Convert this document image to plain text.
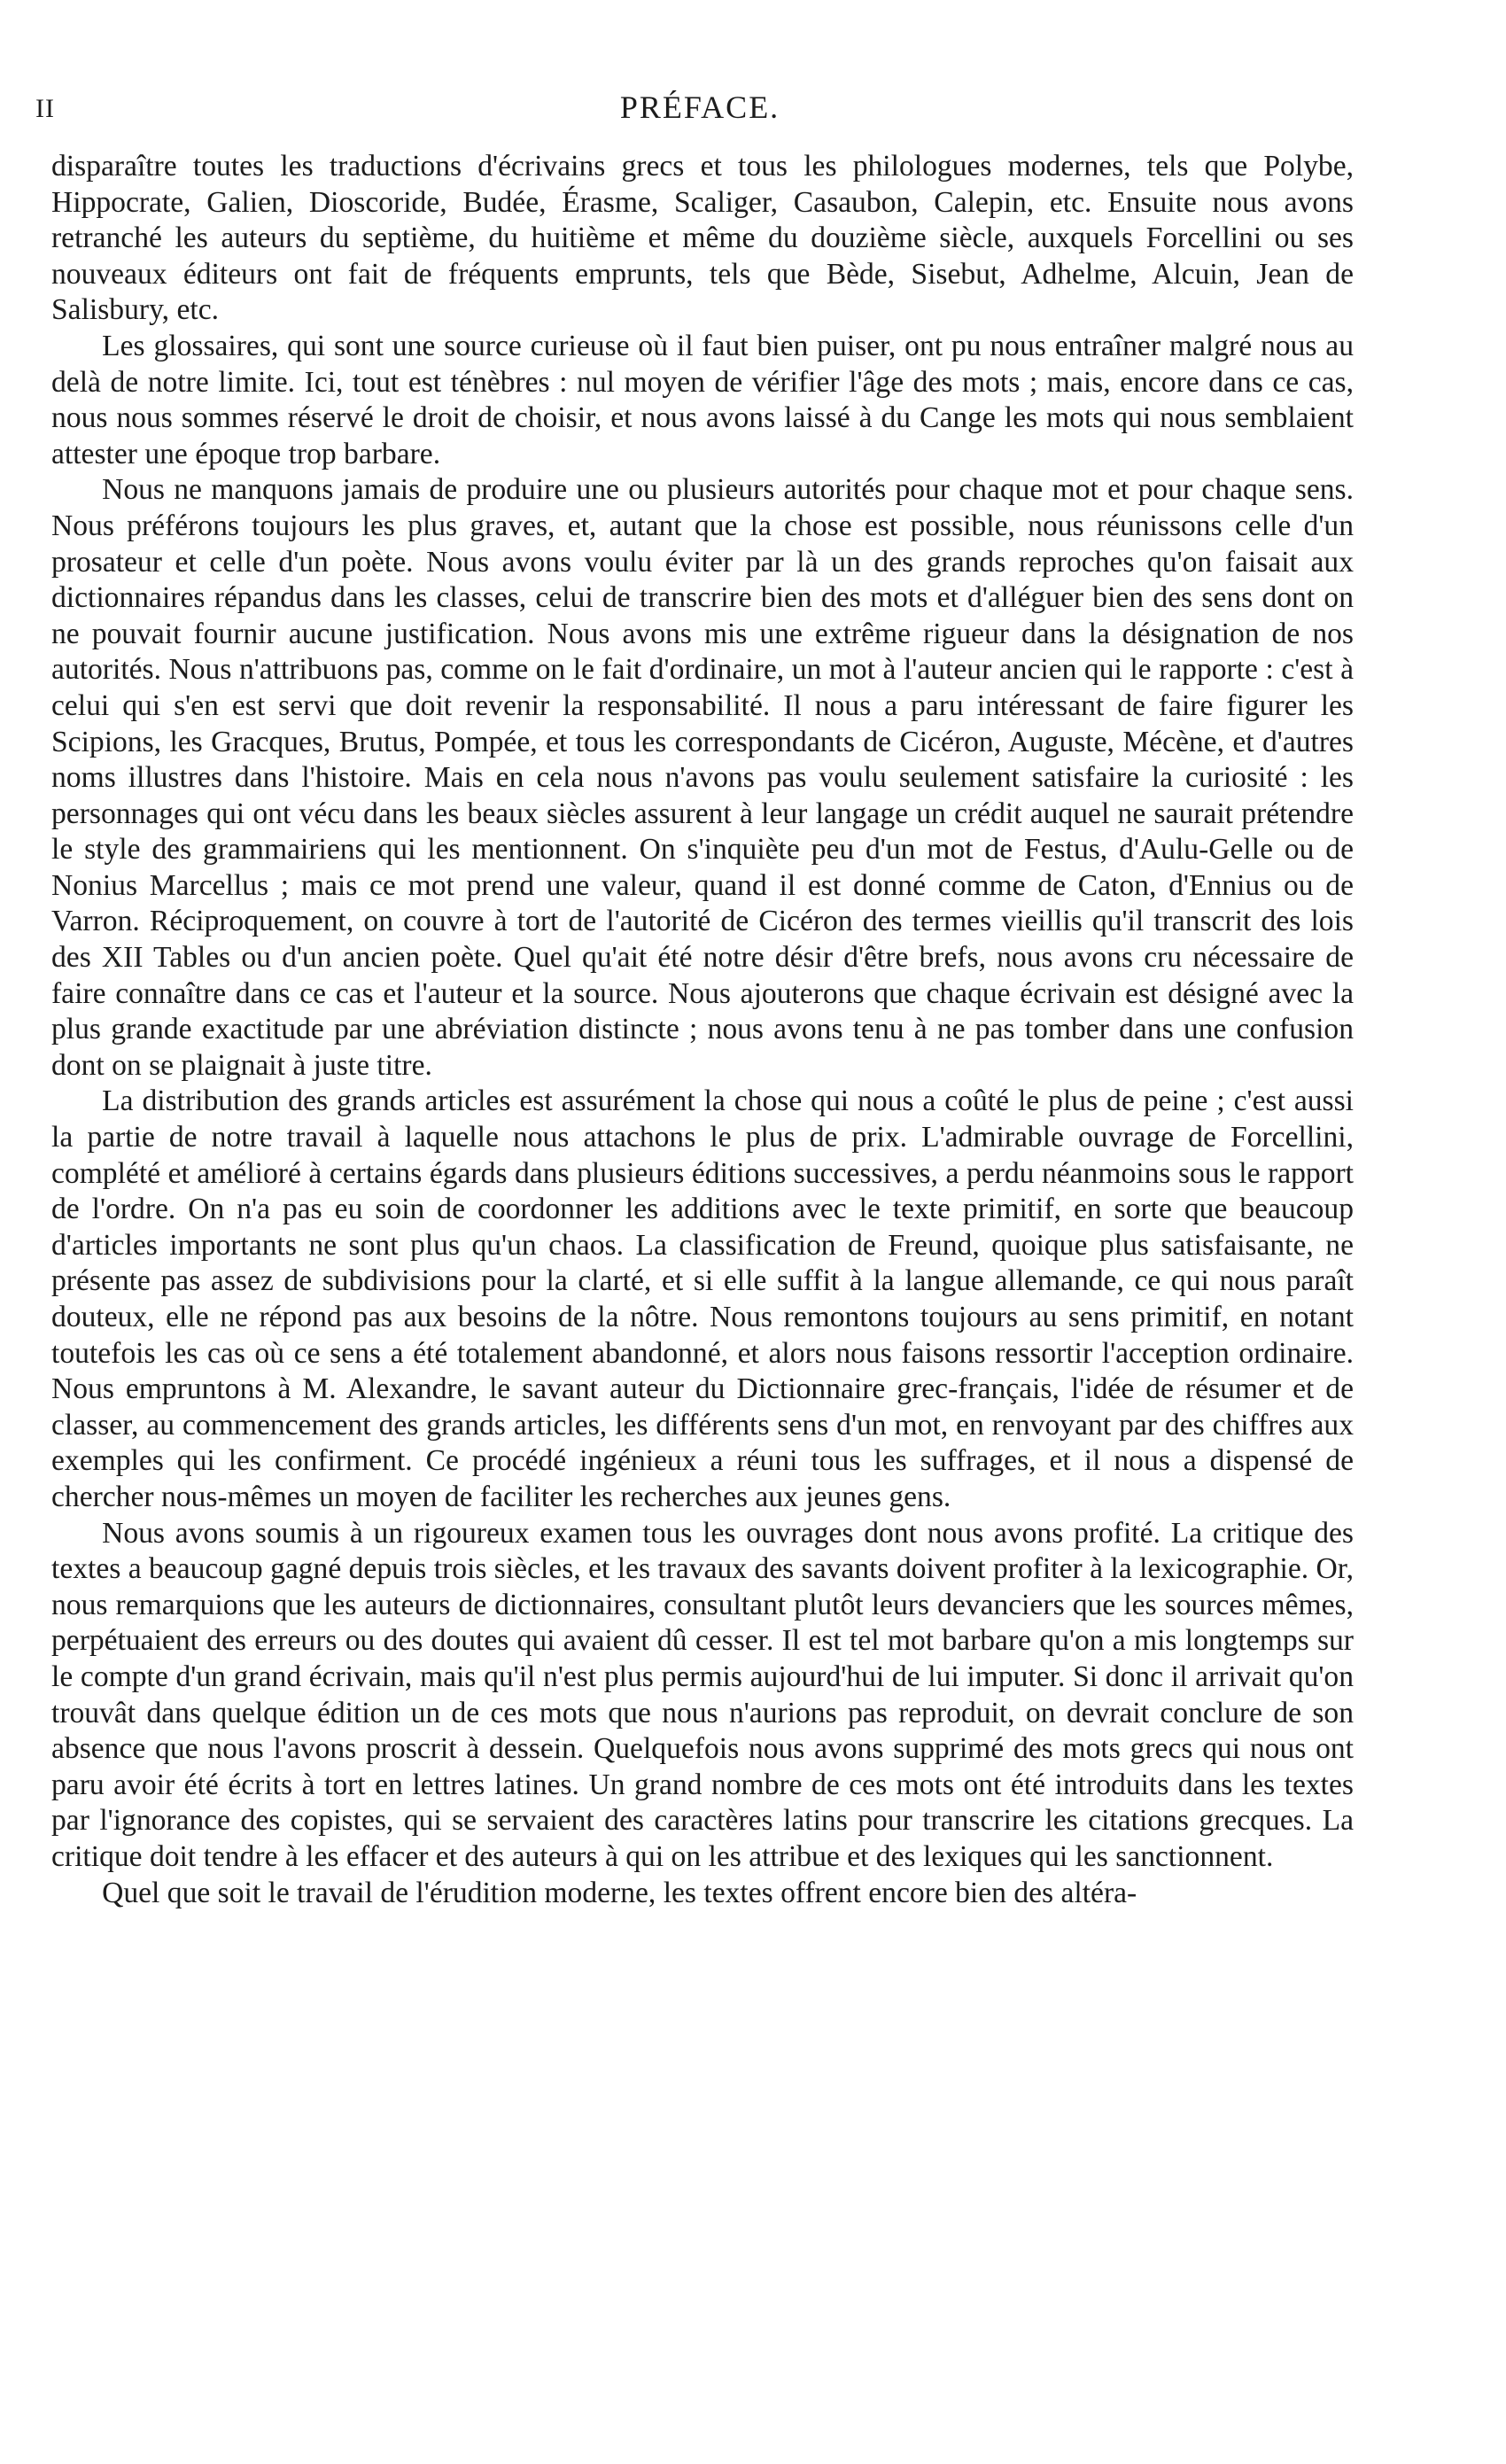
II	PRÉFACE.

disparaître toutes les traductions d'écrivains grecs et tous les philologues modernes, tels que Polybe, Hippocrate, Galien, Dioscoride, Budée, Érasme, Scaliger, Casaubon, Calepin, etc. Ensuite nous avons retranché les auteurs du septième, du huitième et même du douzième siècle, auxquels Forcellini ou ses nouveaux éditeurs ont fait de fréquents emprunts, tels que Bède, Sisebut, Adhelme, Alcuin, Jean de Salisbury, etc.

Les glossaires, qui sont une source curieuse où il faut bien puiser, ont pu nous entraîner malgré nous au delà de notre limite. Ici, tout est ténèbres : nul moyen de vérifier l'âge des mots ; mais, encore dans ce cas, nous nous sommes réservé le droit de choisir, et nous avons laissé à du Cange les mots qui nous semblaient attester une époque trop barbare.

Nous ne manquons jamais de produire une ou plusieurs autorités pour chaque mot et pour chaque sens. Nous préférons toujours les plus graves, et, autant que la chose est possible, nous réunissons celle d'un prosateur et celle d'un poète. Nous avons voulu éviter par là un des grands reproches qu'on faisait aux dictionnaires répandus dans les classes, celui de transcrire bien des mots et d'alléguer bien des sens dont on ne pouvait fournir aucune justification. Nous avons mis une extrême rigueur dans la désignation de nos autorités. Nous n'attribuons pas, comme on le fait d'ordinaire, un mot à l'auteur ancien qui le rapporte : c'est à celui qui s'en est servi que doit revenir la responsabilité. Il nous a paru intéressant de faire figurer les Scipions, les Gracques, Brutus, Pompée, et tous les correspondants de Cicéron, Auguste, Mécène, et d'autres noms illustres dans l'histoire. Mais en cela nous n'avons pas voulu seulement satisfaire la curiosité : les personnages qui ont vécu dans les beaux siècles assurent à leur langage un crédit auquel ne saurait prétendre le style des grammairiens qui les mentionnent. On s'inquiète peu d'un mot de Festus, d'Aulu-Gelle ou de Nonius Marcellus ; mais ce mot prend une valeur, quand il est donné comme de Caton, d'Ennius ou de Varron. Réciproquement, on couvre à tort de l'autorité de Cicéron des termes vieillis qu'il transcrit des lois des XII Tables ou d'un ancien poète. Quel qu'ait été notre désir d'être brefs, nous avons cru nécessaire de faire connaître dans ce cas et l'auteur et la source. Nous ajouterons que chaque écrivain est désigné avec la plus grande exactitude par une abréviation distincte ; nous avons tenu à ne pas tomber dans une confusion dont on se plaignait à juste titre.

La distribution des grands articles est assurément la chose qui nous a coûté le plus de peine ; c'est aussi la partie de notre travail à laquelle nous attachons le plus de prix. L'admirable ouvrage de Forcellini, complété et amélioré à certains égards dans plusieurs éditions successives, a perdu néanmoins sous le rapport de l'ordre. On n'a pas eu soin de coordonner les additions avec le texte primitif, en sorte que beaucoup d'articles importants ne sont plus qu'un chaos. La classification de Freund, quoique plus satisfaisante, ne présente pas assez de subdivisions pour la clarté, et si elle suffit à la langue allemande, ce qui nous paraît douteux, elle ne répond pas aux besoins de la nôtre. Nous remontons toujours au sens primitif, en notant toutefois les cas où ce sens a été totalement abandonné, et alors nous faisons ressortir l'acception ordinaire. Nous empruntons à M. Alexandre, le savant auteur du Dictionnaire grec-français, l'idée de résumer et de classer, au commencement des grands articles, les différents sens d'un mot, en renvoyant par des chiffres aux exemples qui les confirment. Ce procédé ingénieux a réuni tous les suffrages, et il nous a dispensé de chercher nous-mêmes un moyen de faciliter les recherches aux jeunes gens.

Nous avons soumis à un rigoureux examen tous les ouvrages dont nous avons profité. La critique des textes a beaucoup gagné depuis trois siècles, et les travaux des savants doivent profiter à la lexicographie. Or, nous remarquions que les auteurs de dictionnaires, consultant plutôt leurs devanciers que les sources mêmes, perpétuaient des erreurs ou des doutes qui avaient dû cesser. Il est tel mot barbare qu'on a mis longtemps sur le compte d'un grand écrivain, mais qu'il n'est plus permis aujourd'hui de lui imputer. Si donc il arrivait qu'on trouvât dans quelque édition un de ces mots que nous n'aurions pas reproduit, on devrait conclure de son absence que nous l'avons proscrit à dessein. Quelquefois nous avons supprimé des mots grecs qui nous ont paru avoir été écrits à tort en lettres latines. Un grand nombre de ces mots ont été introduits dans les textes par l'ignorance des copistes, qui se servaient des caractères latins pour transcrire les citations grecques. La critique doit tendre à les effacer et des auteurs à qui on les attribue et des lexiques qui les sanctionnent.

Quel que soit le travail de l'érudition moderne, les textes offrent encore bien des altéra-
